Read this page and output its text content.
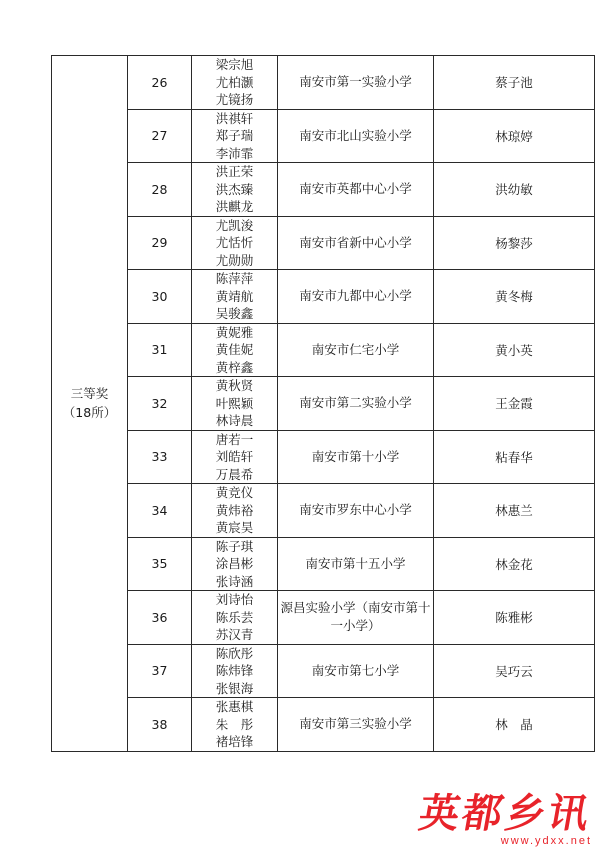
三等奖
（18所）	26	梁宗旭
尤柏灏
尤镜扬	南安市第一实验小学	蔡子池
	27	洪祺轩
郑子瑞
李沛霏	南安市北山实验小学	林琼婷
	28	洪正荣
洪杰臻
洪麒龙	南安市英都中心小学	洪幼敏
	29	尤凯浚
尤恬忻
尤勋勋	南安市省新中心小学	杨黎莎
	30	陈萍萍
黄靖航
吴骏鑫	南安市九都中心小学	黄冬梅
	31	黄妮雅
黄佳妮
黄梓鑫	南安市仁宅小学	黄小英
	32	黄秋贤
叶熙颖
林诗晨	南安市第二实验小学	王金霞
	33	唐若一
刘皓轩
万晨希	南安市第十小学	粘春华
	34	黄竞仪
黄炜裕
黄宸昊	南安市罗东中心小学	林惠兰
	35	陈子琪
涂昌彬
张诗涵	南安市第十五小学	林金花
	36	刘诗怡
陈乐芸
苏汉青	源昌实验小学（南安市第十一小学）	陈雅彬
	37	陈欣彤
陈炜锋
张银海	南安市第七小学	吴巧云
	38	张惠棋
朱　彤
褚培锋	南安市第三实验小学	林　晶
英都乡讯
www.ydxx.net
